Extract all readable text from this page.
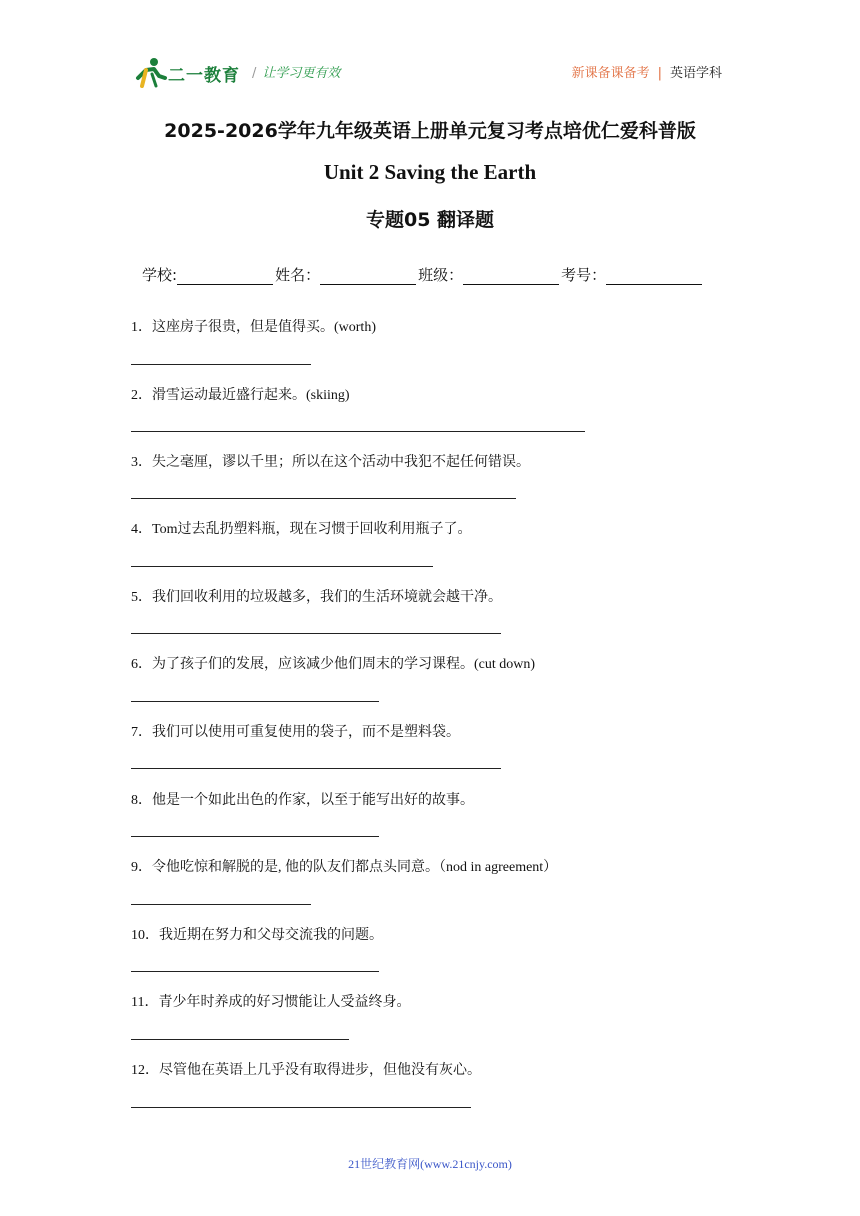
二一教育 / 让学习更有效	新课备课备考 | 英语学科
2025-2026学年九年级英语上册单元复习考点培优仁爱科普版
Unit 2 Saving the Earth
专题05 翻译题
学校:	姓名：	班级：	考号：
1．这座房子很贵，但是值得买。(worth)
2．滑雪运动最近盛行起来。(skiing)
3．失之毫厘，谬以千里；所以在这个活动中我犯不起任何错误。
4．Tom过去乱扔塑料瓶，现在习惯于回收利用瓶子了。
5．我们回收利用的垃圾越多，我们的生活环境就会越干净。
6．为了孩子们的发展，应该减少他们周末的学习课程。(cut down)
7．我们可以使用可重复使用的袋子，而不是塑料袋。
8．他是一个如此出色的作家，以至于能写出好的故事。
9．令他吃惊和解脱的是, 他的队友们都点头同意。（nod in agreement）
10．我近期在努力和父母交流我的问题。
11．青少年时养成的好习惯能让人受益终身。
12．尽管他在英语上几乎没有取得进步，但他没有灰心。
21世纪教育网(www.21cnjy.com)
